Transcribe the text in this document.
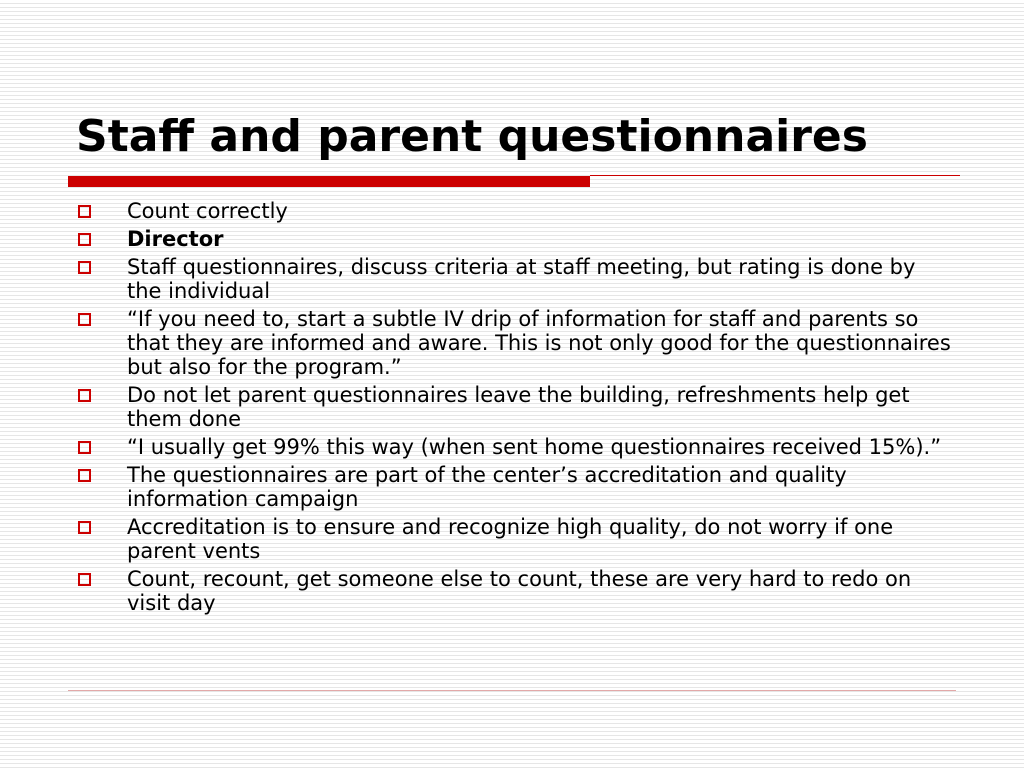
Staff and parent questionnaires
Count correctly
Director
Staff questionnaires, discuss criteria at staff meeting, but rating is done by the individual
“If you need to, start a subtle IV drip of information for staff and parents so that they are informed and aware. This is not only good for the questionnaires but also for the program.”
Do not let parent questionnaires leave the building, refreshments help get them done
“I usually get 99% this way (when sent home questionnaires received 15%).”
The questionnaires are part of the center’s accreditation and quality information campaign
Accreditation is to ensure and recognize high quality, do not worry if one parent vents
Count, recount, get someone else to count, these are very hard to redo on visit day
